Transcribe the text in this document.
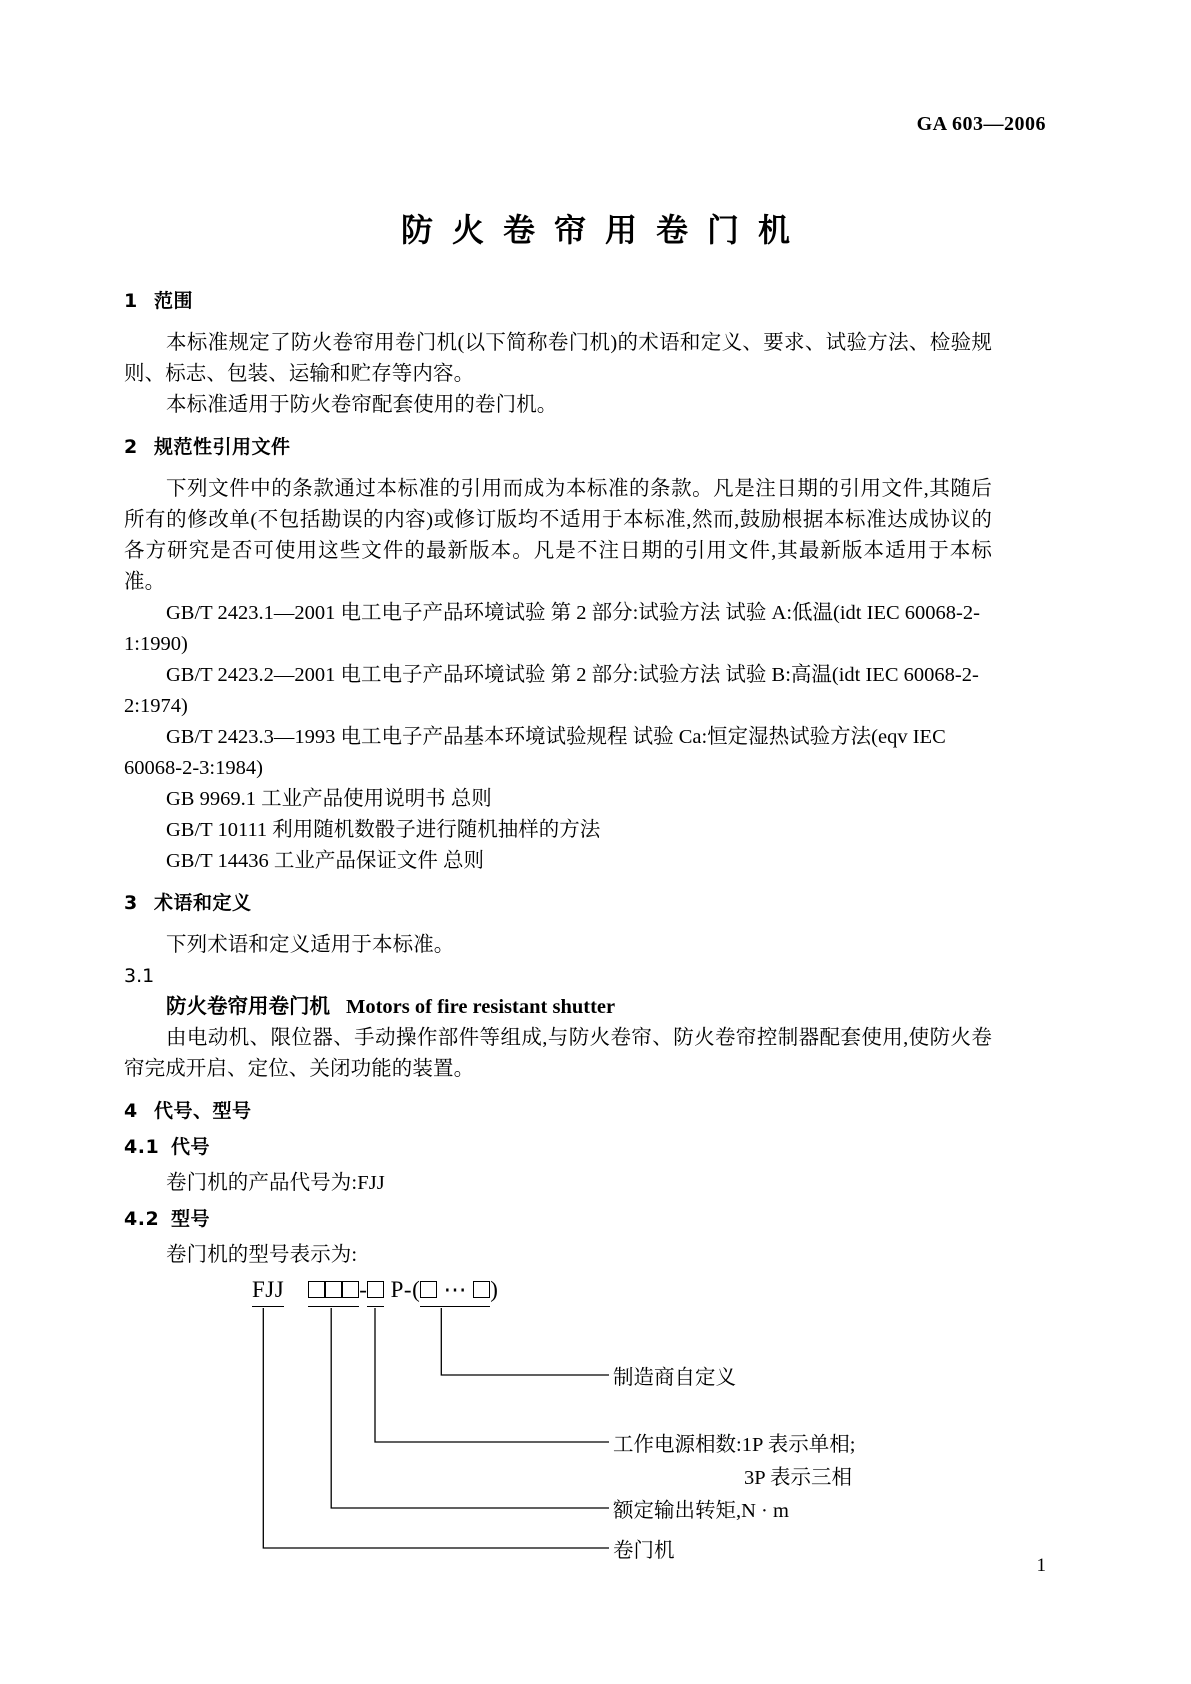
GA 603—2006
防火卷帘用卷门机
1 范围

本标准规定了防火卷帘用卷门机(以下简称卷门机)的术语和定义、要求、试验方法、检验规则、标志、包装、运输和贮存等内容。

本标准适用于防火卷帘配套使用的卷门机。

2 规范性引用文件

下列文件中的条款通过本标准的引用而成为本标准的条款。凡是注日期的引用文件,其随后所有的修改单(不包括勘误的内容)或修订版均不适用于本标准,然而,鼓励根据本标准达成协议的各方研究是否可使用这些文件的最新版本。凡是不注日期的引用文件,其最新版本适用于本标准。

GB/T 2423.1—2001 电工电子产品环境试验 第 2 部分:试验方法 试验 A:低温(idt IEC 60068-2-1:1990)

GB/T 2423.2—2001 电工电子产品环境试验 第 2 部分:试验方法 试验 B:高温(idt IEC 60068-2-2:1974)

GB/T 2423.3—1993 电工电子产品基本环境试验规程 试验 Ca:恒定湿热试验方法(eqv IEC 60068-2-3:1984)

GB 9969.1 工业产品使用说明书 总则

GB/T 10111 利用随机数骰子进行随机抽样的方法

GB/T 14436 工业产品保证文件 总则

3 术语和定义

下列术语和定义适用于本标准。

3.1

防火卷帘用卷门机 Motors of fire resistant shutter

由电动机、限位器、手动操作部件等组成,与防火卷帘、防火卷帘控制器配套使用,使防火卷帘完成开启、定位、关闭功能的装置。

4 代号、型号
4.1 代号

卷门机的产品代号为:FJJ

4.2 型号

卷门机的型号表示为:

FJJ	- P-( ⋯ )
制造商自定义
工作电源相数:1P 表示单相;
3P 表示三相
额定输出转矩,N · m
卷门机
1
